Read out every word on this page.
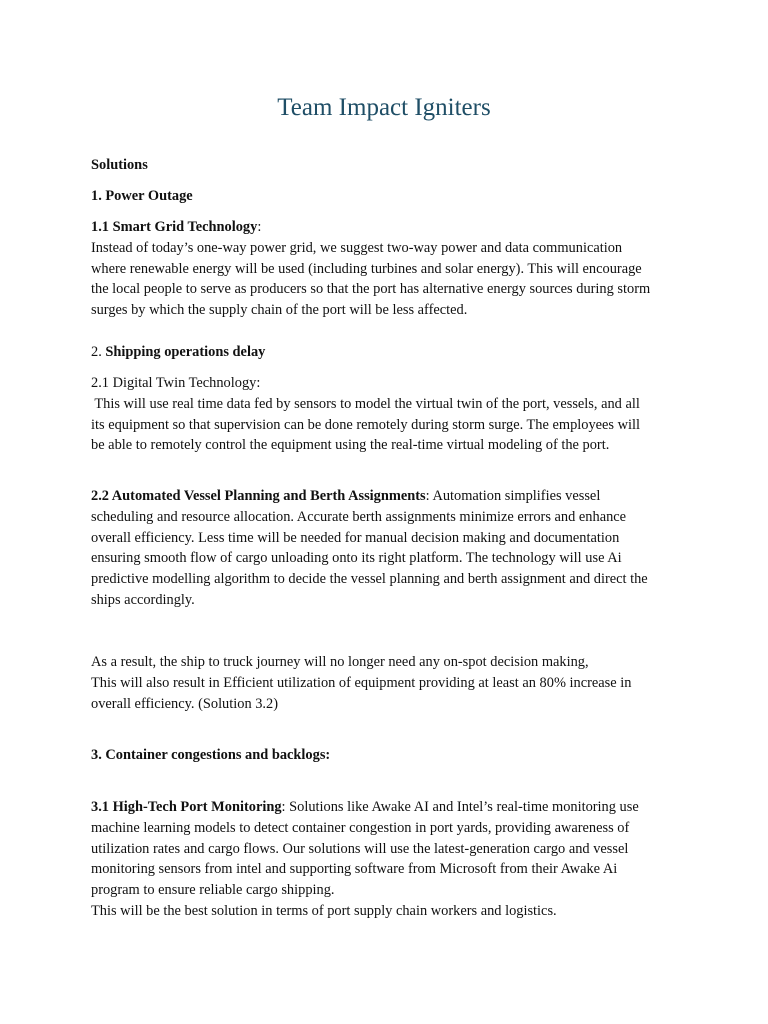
Team Impact Igniters

Solutions

1. Power Outage

1.1 Smart Grid Technology:
Instead of today’s one-way power grid, we suggest two-way power and data communication
where renewable energy will be used (including turbines and solar energy). This will encourage
the local people to serve as producers so that the port has alternative energy sources during storm
surges by which the supply chain of the port will be less affected.

2. Shipping operations delay

2.1 Digital Twin Technology:
This will use real time data fed by sensors to model the virtual twin of the port, vessels, and all
its equipment so that supervision can be done remotely during storm surge. The employees will
be able to remotely control the equipment using the real-time virtual modeling of the port.
2.2 Automated Vessel Planning and Berth Assignments: Automation simplifies vessel
scheduling and resource allocation. Accurate berth assignments minimize errors and enhance
overall efficiency. Less time will be needed for manual decision making and documentation
ensuring smooth flow of cargo unloading onto its right platform. The technology will use Ai
predictive modelling algorithm to decide the vessel planning and berth assignment and direct the
ships accordingly.
As a result, the ship to truck journey will no longer need any on-spot decision making,
This will also result in Efficient utilization of equipment providing at least an 80% increase in
overall efficiency. (Solution 3.2)

3. Container congestions and backlogs:

3.1 High-Tech Port Monitoring: Solutions like Awake AI and Intel’s real-time monitoring use
machine learning models to detect container congestion in port yards, providing awareness of
utilization rates and cargo flows. Our solutions will use the latest-generation cargo and vessel
monitoring sensors from intel and supporting software from Microsoft from their Awake Ai
program to ensure reliable cargo shipping.
This will be the best solution in terms of port supply chain workers and logistics.
